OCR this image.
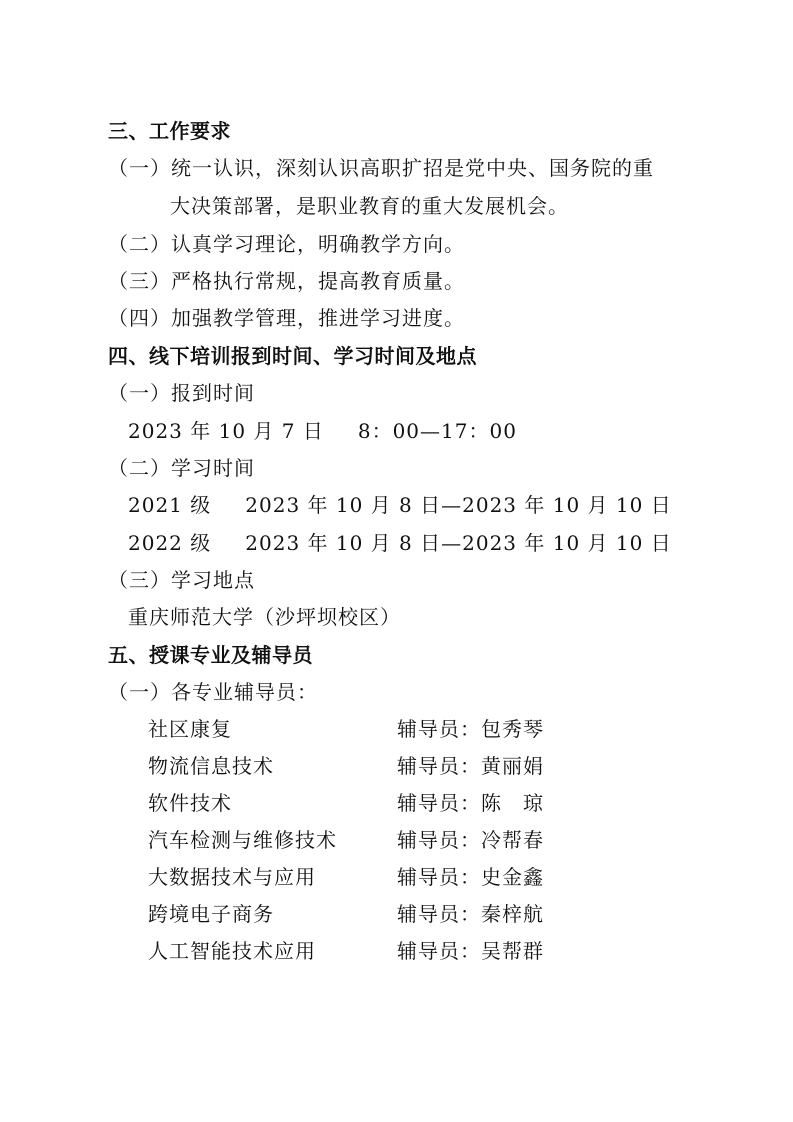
三、工作要求
（一）统一认识，深刻认识高职扩招是党中央、国务院的重
大决策部署，是职业教育的重大发展机会。
（二）认真学习理论，明确教学方向。
（三）严格执行常规，提高教育质量。
（四）加强教学管理，推进学习进度。
四、线下培训报到时间、学习时间及地点
（一）报到时间
2023 年 10 月 7 日 8：00—17：00
（二）学习时间
2021 级 2023 年 10 月 8 日—2023 年 10 月 10 日
2022 级 2023 年 10 月 8 日—2023 年 10 月 10 日
（三）学习地点
重庆师范大学（沙坪坝校区）
五、授课专业及辅导员
（一）各专业辅导员：
社区康复	辅导员：包秀琴
物流信息技术	辅导员：黄丽娟
软件技术	辅导员：陈　琼
汽车检测与维修技术	辅导员：冷帮春
大数据技术与应用	辅导员：史金鑫
跨境电子商务	辅导员：秦梓航
人工智能技术应用	辅导员：吴帮群
